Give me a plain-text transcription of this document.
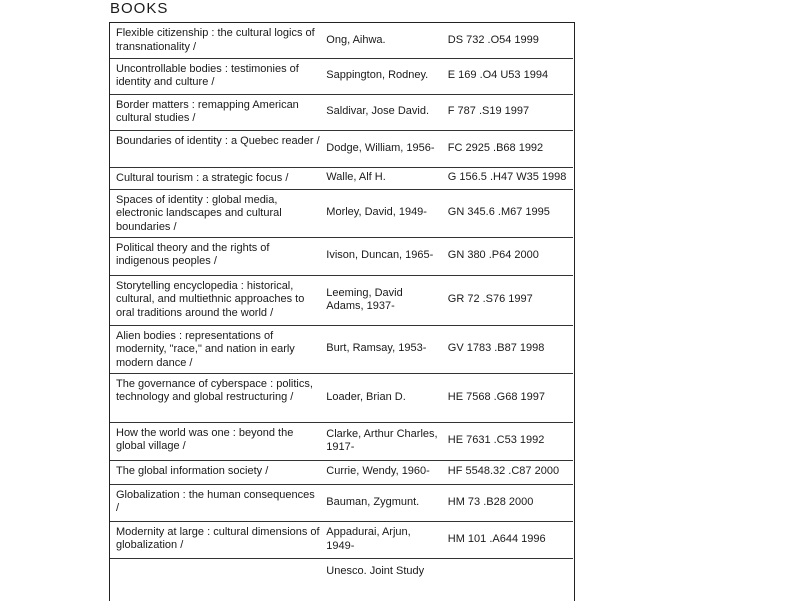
BOOKS
Flexible citizenship : the cultural logics of transnationality /	Ong, Aihwa.	DS 732 .O54 1999
Uncontrollable bodies : testimonies of identity and culture /	Sappington, Rodney.	E 169 .O4 U53 1994
Border matters : remapping American cultural studies /	Saldivar, Jose David.	F 787 .S19 1997
Boundaries of identity : a Quebec reader /	Dodge, William, 1956-	FC 2925 .B68 1992
Cultural tourism : a strategic focus /	Walle, Alf H.	G 156.5 .H47 W35 1998
Spaces of identity : global media, electronic landscapes and cultural boundaries /	Morley, David, 1949-	GN 345.6 .M67 1995
Political theory and the rights of indigenous peoples /	Ivison, Duncan, 1965-	GN 380 .P64 2000
Storytelling encyclopedia : historical, cultural, and multiethnic approaches to oral traditions around the world /	Leeming, David Adams, 1937-	GR 72 .S76 1997
Alien bodies : representations of modernity, "race," and nation in early modern dance /	Burt, Ramsay, 1953-	GV 1783 .B87 1998
The governance of cyberspace : politics, technology and global restructuring /	Loader, Brian D.	HE 7568 .G68 1997
How the world was one : beyond the global village /	Clarke, Arthur Charles, 1917-	HE 7631 .C53 1992
The global information society /	Currie, Wendy, 1960-	HF 5548.32 .C87 2000
Globalization : the human consequences /	Bauman, Zygmunt.	HM 73 .B28 2000
Modernity at large : cultural dimensions of globalization /	Appadurai, Arjun, 1949-	HM 101 .A644 1996
	Unesco. Joint Study	
